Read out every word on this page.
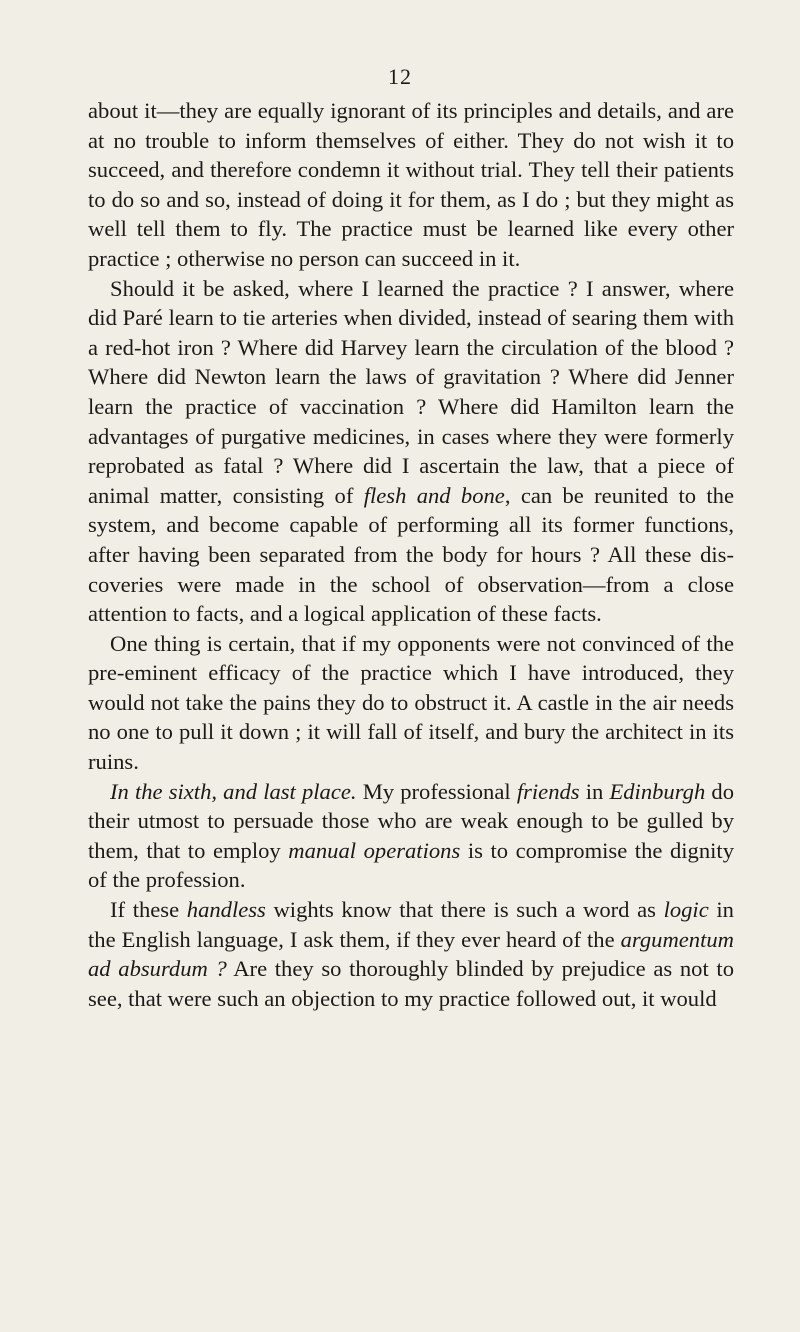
12

about it—they are equally ignorant of its principles and details, and are at no trouble to inform themselves of either. They do not wish it to succeed, and therefore condemn it without trial. They tell their patients to do so and so, instead of doing it for them, as I do ; but they might as well tell them to fly. The practice must be learned like every other practice ; otherwise no person can succeed in it.

Should it be asked, where I learned the practice ? I answer, where did Paré learn to tie arteries when divided, instead of searing them with a red-hot iron ? Where did Harvey learn the circulation of the blood ? Where did Newton learn the laws of gravitation ? Where did Jenner learn the practice of vaccination ? Where did Hamilton learn the advantages of purgative medicines, in cases where they were formerly reprobated as fatal ? Where did I ascertain the law, that a piece of animal matter, consisting of flesh and bone, can be reunited to the system, and become capable of performing all its former functions, after having been separated from the body for hours ? All these discoveries were made in the school of observation—from a close attention to facts, and a logical application of these facts.

One thing is certain, that if my opponents were not convinced of the pre-eminent efficacy of the practice which I have introduced, they would not take the pains they do to obstruct it. A castle in the air needs no one to pull it down ; it will fall of itself, and bury the architect in its ruins.

In the sixth, and last place. My professional friends in Edinburgh do their utmost to persuade those who are weak enough to be gulled by them, that to employ manual operations is to compromise the dignity of the profession.

If these handless wights know that there is such a word as logic in the English language, I ask them, if they ever heard of the argumentum ad absurdum ? Are they so thoroughly blinded by prejudice as not to see, that were such an objection to my practice followed out, it would
